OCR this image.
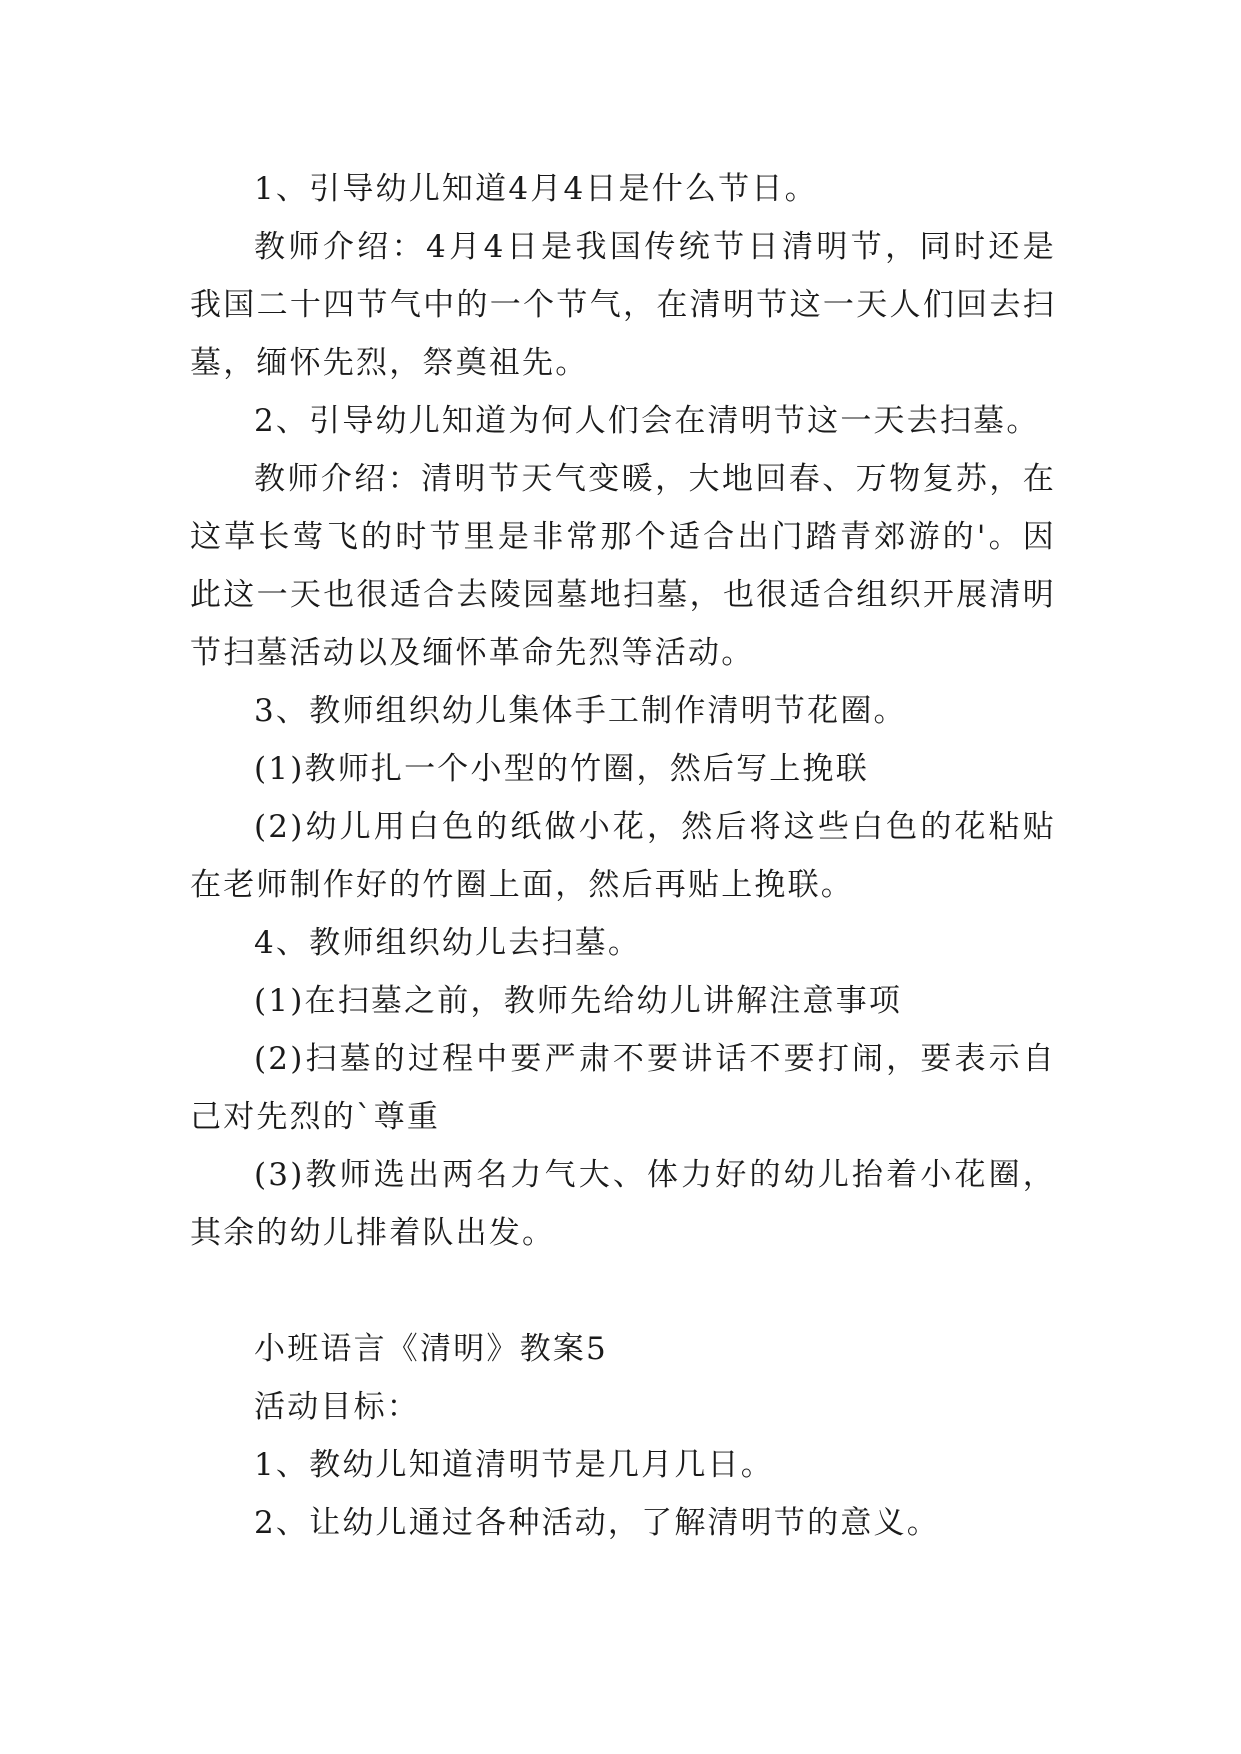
1、引导幼儿知道4月4日是什么节日。

教师介绍：4月4日是我国传统节日清明节，同时还是我国二十四节气中的一个节气，在清明节这一天人们回去扫墓，缅怀先烈，祭奠祖先。

2、引导幼儿知道为何人们会在清明节这一天去扫墓。

教师介绍：清明节天气变暖，大地回春、万物复苏，在这草长莺飞的时节里是非常那个适合出门踏青郊游的'。因此这一天也很适合去陵园墓地扫墓，也很适合组织开展清明节扫墓活动以及缅怀革命先烈等活动。

3、教师组织幼儿集体手工制作清明节花圈。

(1)教师扎一个小型的竹圈，然后写上挽联

(2)幼儿用白色的纸做小花，然后将这些白色的花粘贴在老师制作好的竹圈上面，然后再贴上挽联。

4、教师组织幼儿去扫墓。

(1)在扫墓之前，教师先给幼儿讲解注意事项

(2)扫墓的过程中要严肃不要讲话不要打闹，要表示自己对先烈的`尊重

(3)教师选出两名力气大、体力好的幼儿抬着小花圈，其余的幼儿排着队出发。

小班语言《清明》教案5

活动目标：

1、教幼儿知道清明节是几月几日。

2、让幼儿通过各种活动，了解清明节的意义。
